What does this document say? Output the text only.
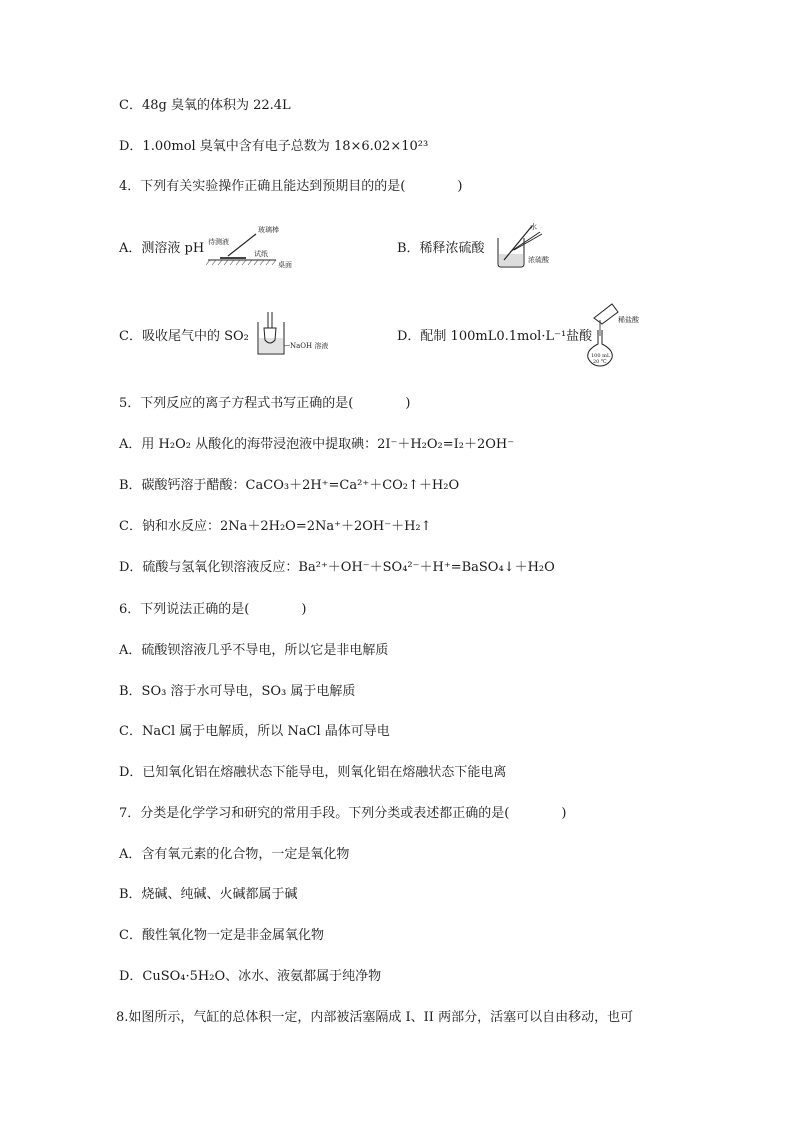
C．48g 臭氧的体积为 22.4L
D．1.00mol 臭氧中含有电子总数为 18×6.02×10²³
4．下列有关实验操作正确且能达到预期目的的是(　　　　)
A．测溶液 pH
玻璃棒
待测液
试纸
桌面
B．稀释浓硫酸
水
浓硫酸
C．吸收尾气中的 SO₂
NaOH 溶液
D．配制 100mL0.1mol·L⁻¹盐酸
稀盐酸
100 mL
20 ℃
5．下列反应的离子方程式书写正确的是(　　　　)
A．用 H₂O₂ 从酸化的海带浸泡液中提取碘：2I⁻＋H₂O₂=I₂＋2OH⁻
B．碳酸钙溶于醋酸：CaCO₃＋2H⁺=Ca²⁺＋CO₂↑＋H₂O
C．钠和水反应：2Na＋2H₂O=2Na⁺＋2OH⁻＋H₂↑
D．硫酸与氢氧化钡溶液反应：Ba²⁺＋OH⁻＋SO₄²⁻＋H⁺=BaSO₄↓＋H₂O
6．下列说法正确的是(　　　　)
A．硫酸钡溶液几乎不导电，所以它是非电解质
B．SO₃ 溶于水可导电，SO₃ 属于电解质
C．NaCl 属于电解质，所以 NaCl 晶体可导电
D．已知氧化铝在熔融状态下能导电，则氧化铝在熔融状态下能电离
7．分类是化学学习和研究的常用手段。下列分类或表述都正确的是(　　　　)
A．含有氧元素的化合物，一定是氧化物
B．烧碱、纯碱、火碱都属于碱
C．酸性氧化物一定是非金属氧化物
D．CuSO₄·5H₂O、冰水、液氨都属于纯净物
8.如图所示，气缸的总体积一定，内部被活塞隔成 I、II 两部分，活塞可以自由移动，也可
